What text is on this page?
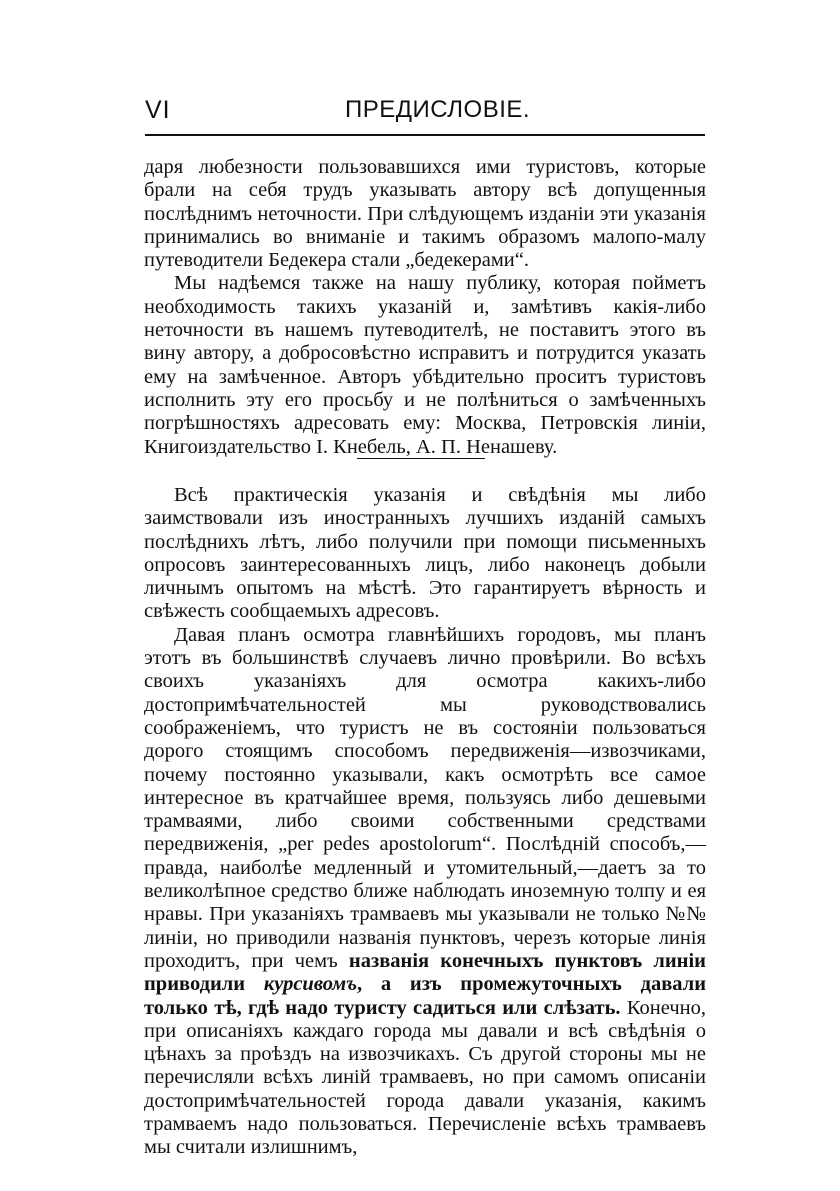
VI	ПРЕДИСЛОВІЕ.

даря любезности пользовавшихся ими туристовъ, которые брали на себя трудъ указывать автору всѣ допущенныя послѣднимъ неточности. При слѣдующемъ изданіи эти указанія принимались во вниманіе и такимъ образомъ малопо-малу путеводители Бедекера стали „бедекерами“.

Мы надѣемся также на нашу публику, которая пойметъ необходимость такихъ указаній и, замѣтивъ какія-либо неточности въ нашемъ путеводителѣ, не поставитъ этого въ вину автору, а добросовѣстно исправитъ и потрудится указать ему на замѣченное. Авторъ убѣдительно проситъ туристовъ исполнить эту его просьбу и не полѣниться о замѣченныхъ погрѣшностяхъ адресовать ему: Москва, Петровскія линіи, Книгоиздательство І. Кнебель, А. П. Ненашеву.

Всѣ практическія указанія и свѣдѣнія мы либо заимствовали изъ иностранныхъ лучшихъ изданій самыхъ послѣднихъ лѣтъ, либо получили при помощи письменныхъ опросовъ заинтересованныхъ лицъ, либо наконецъ добыли личнымъ опытомъ на мѣстѣ. Это гарантируетъ вѣрность и свѣжесть сообщаемыхъ адресовъ.

Давая планъ осмотра главнѣйшихъ городовъ, мы планъ этотъ въ большинствѣ случаевъ лично провѣрили. Во всѣхъ своихъ указаніяхъ для осмотра какихъ-либо достопримѣчательностей мы руководствовались соображеніемъ, что туристъ не въ состояніи пользоваться дорого стоящимъ способомъ передвиженія—извозчиками, почему постоянно указывали, какъ осмотрѣть все самое интересное въ кратчайшее время, пользуясь либо дешевыми трамваями, либо своими собственными средствами передвиженія, „per pedes apostolorum“. Послѣдній способъ,—правда, наиболѣе медленный и утомительный,—даетъ за то великолѣпное средство ближе наблюдать иноземную толпу и ея нравы. При указаніяхъ трамваевъ мы указывали не только №№ линіи, но приводили названія пунктовъ, черезъ которые линія проходитъ, при чемъ названія конечныхъ пунктовъ линіи приводили курсивомъ, а изъ промежуточныхъ давали только тѣ, гдѣ надо туристу садиться или слѣзать. Конечно, при описаніяхъ каждаго города мы давали и всѣ свѣдѣнія о цѣнахъ за проѣздъ на извозчикахъ. Съ другой стороны мы не перечисляли всѣхъ линій трамваевъ, но при самомъ описаніи достопримѣчательностей города давали указанія, какимъ трамваемъ надо пользоваться. Перечисленіе всѣхъ трамваевъ мы считали излишнимъ,
